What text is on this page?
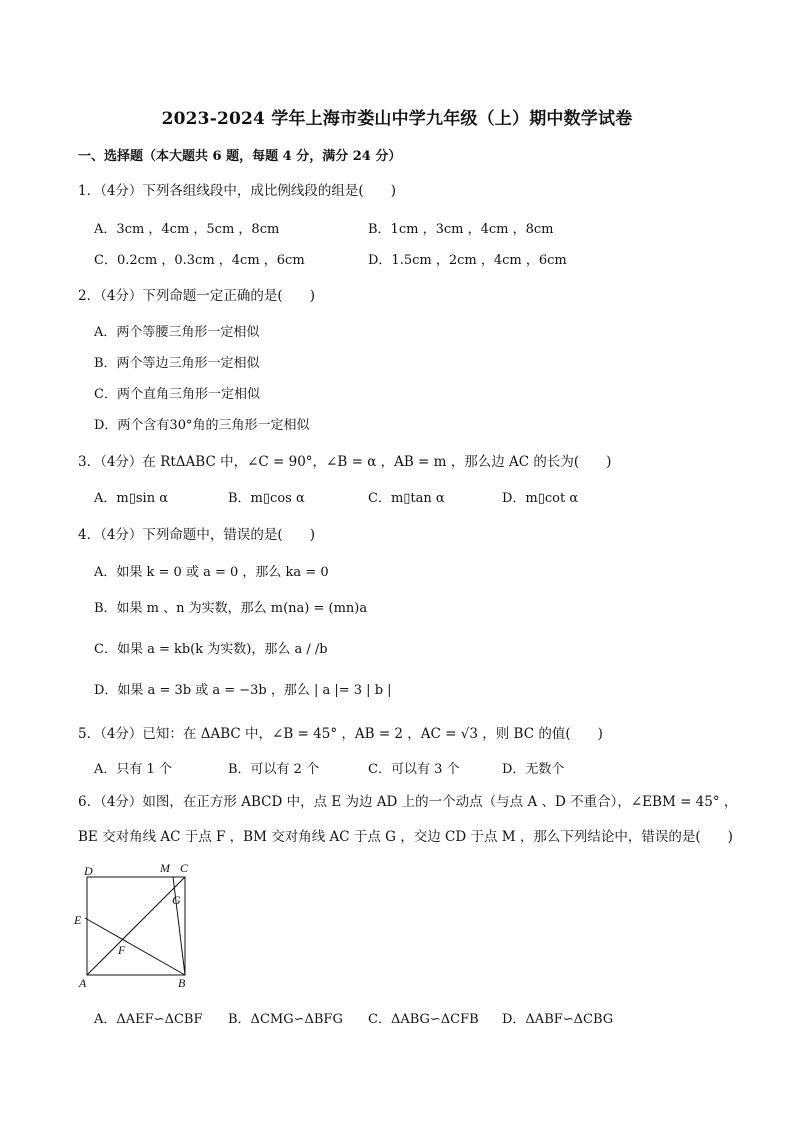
2023-2024 学年上海市娄山中学九年级（上）期中数学试卷
一、选择题（本大题共 6 题，每题 4 分，满分 24 分）
1．（4分）下列各组线段中，成比例线段的组是(　　)
A．3cm ，4cm ，5cm ，8cm	B．1cm ，3cm ，4cm ，8cm
C．0.2cm ，0.3cm ，4cm ，6cm	D．1.5cm ，2cm ，4cm ，6cm
2．（4分）下列命题一定正确的是(　　)
A．两个等腰三角形一定相似
B．两个等边三角形一定相似
C．两个直角三角形一定相似
D．两个含有30°角的三角形一定相似
3．（4分）在 RtΔABC 中，∠C = 90°，∠B = α ，AB = m ，那么边 AC 的长为(　　)
A．m▯sin α	B．m▯cos α	C．m▯tan α	D．m▯cot α
4．（4分）下列命题中，错误的是(　　)
A．如果 k = 0 或 a = 0 ，那么 ka = 0
B．如果 m 、n 为实数，那么 m(na) = (mn)a
C．如果 a = kb(k 为实数)，那么 a / /b
D．如果 a = 3b 或 a = −3b ，那么 | a |= 3 | b |
5．（4分）已知：在 ΔABC 中，∠B = 45° ，AB = 2 ，AC = √3 ，则 BC 的值(　　)
A．只有 1 个	B．可以有 2 个	C．可以有 3 个	D．无数个
6．（4分）如图，在正方形 ABCD 中，点 E 为边 AD 上的一个动点（与点 A 、D 不重合），∠EBM = 45° ，
BE 交对角线 AC 于点 F ，BM 交对角线 AC 于点 G ，交边 CD 于点 M ，那么下列结论中，错误的是(　　)
D	M C
G
E
F
A	B
A．ΔAEF∽ΔCBF B．ΔCMG∽ΔBFG C．ΔABG∽ΔCFB D．ΔABF∽ΔCBG
